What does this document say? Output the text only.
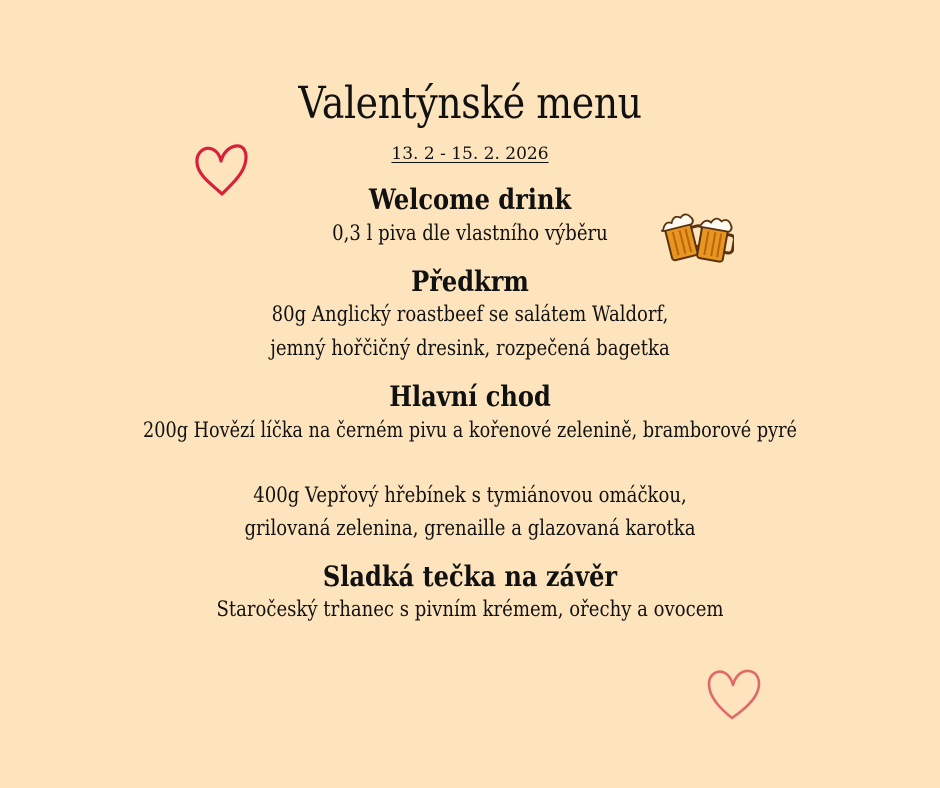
Valentýnské menu
13. 2 - 15. 2. 2026
Welcome drink
0,3 l piva dle vlastního výběru
Předkrm
80g Anglický roastbeef se salátem Waldorf,
jemný hořčičný dresink, rozpečená bagetka
Hlavní chod
200g Hovězí líčka na černém pivu a kořenové zelenině, bramborové pyré
400g Vepřový hřebínek s tymiánovou omáčkou,
grilovaná zelenina, grenaille a glazovaná karotka
Sladká tečka na závěr
Staročeský trhanec s pivním krémem, ořechy a ovocem
